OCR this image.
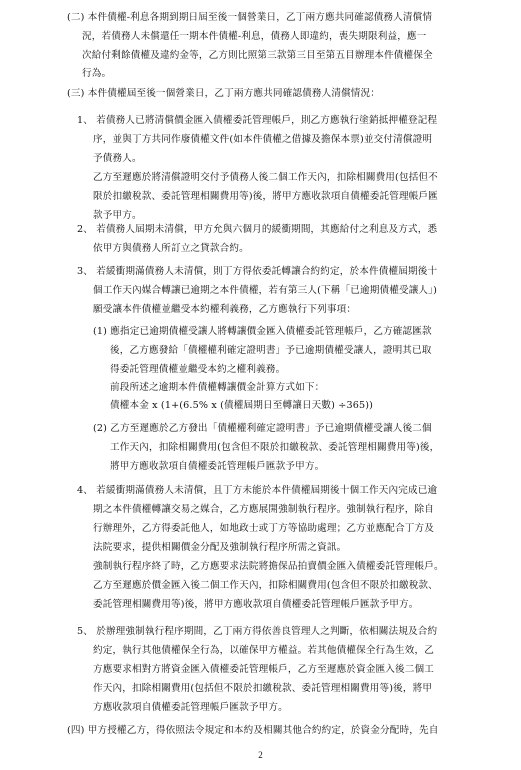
(二) 本件債權-利息各期到期日屆至後一個營業日，乙丁兩方應共同確認債務人清償情
況，若債務人未償還任一期本件債權-利息，債務人即違約，喪失期限利益，應一
次給付剩餘債權及違約金等，乙方則比照第三款第三目至第五目辦理本件債權保全
行為。
(三) 本件債權屆至後一個營業日，乙丁兩方應共同確認債務人清償情況：
1、 若債務人已將清償價金匯入債權委託管理帳戶，則乙方應執行塗銷抵押權登記程
序，並與丁方共同作廢債權文件(如本件債權之借據及擔保本票)並交付清償證明
予債務人。
乙方至遲應於將清償證明交付予債務人後二個工作天內，扣除相關費用(包括但不
限於扣繳稅款、委託管理相關費用等)後，將甲方應收款項自債權委託管理帳戶匯
款予甲方。
2、 若債務人屆期未清償，甲方允與六個月的緩衝期間，其應給付之利息及方式，悉
依甲方與債務人所訂立之貸款合約。
3、 若緩衝期滿債務人未清償，則丁方得依委託轉讓合約約定，於本件債權屆期後十
個工作天內媒合轉讓已逾期之本件債權，若有第三人(下稱「已逾期債權受讓人」)
願受讓本件債權並繼受本約權利義務，乙方應執行下列事項：
(1) 應指定已逾期債權受讓人將轉讓價金匯入債權委託管理帳戶，乙方確認匯款
後，乙方應發給「債權權利確定證明書」予已逾期債權受讓人，證明其已取
得委託管理債權並繼受本約之權利義務。
前段所述之逾期本件債權轉讓價金計算方式如下：
債權本金 x (1+(6.5% x (債權屆期日至轉讓日天數) ÷365))
(2) 乙方至遲應於乙方發出「債權權利確定證明書」予已逾期債權受讓人後二個
工作天內，扣除相關費用(包含但不限於扣繳稅款、委託管理相關費用等)後，
將甲方應收款項自債權委託管理帳戶匯款予甲方。
4、 若緩衝期滿債務人未清償，且丁方未能於本件債權屆期後十個工作天內完成已逾
期之本件債權轉讓交易之媒合，乙方應展開強制執行程序。強制執行程序，除自
行辦理外，乙方得委託他人，如地政士或丁方等協助處理；乙方並應配合丁方及
法院要求，提供相關價金分配及強制執行程序所需之資訊。
強制執行程序終了時，乙方應要求法院將擔保品拍賣價金匯入債權委託管理帳戶。
乙方至遲應於價金匯入後二個工作天內，扣除相關費用(包含但不限於扣繳稅款、
委託管理相關費用等)後，將甲方應收款項自債權委託管理帳戶匯款予甲方。
5、 於辦理強制執行程序期間，乙丁兩方得依善良管理人之判斷，依相關法規及合約
約定，執行其他債權保全行為，以確保甲方權益。若其他債權保全行為生效，乙
方應要求相對方將資金匯入債權委託管理帳戶，乙方至遲應於資金匯入後二個工
作天內，扣除相關費用(包括但不限於扣繳稅款、委託管理相關費用等)後，將甲
方應收款項自債權委託管理帳戶匯款予甲方。
(四) 甲方授權乙方，得依照法令規定和本約及相關其他合約約定，於資金分配時，先自
2
